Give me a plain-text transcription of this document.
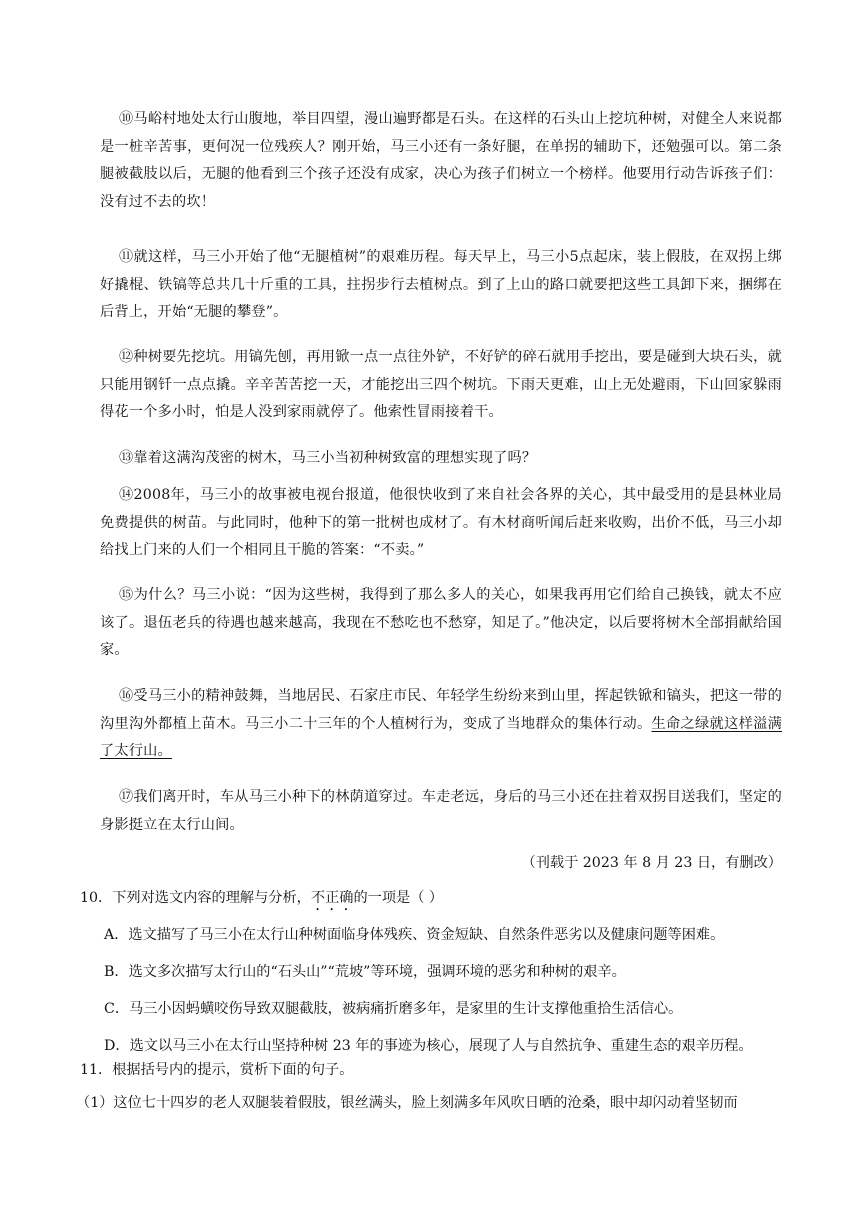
⑩马峪村地处太行山腹地，举目四望，漫山遍野都是石头。在这样的石头山上挖坑种树，对健全人来说都是一桩辛苦事，更何况一位残疾人？刚开始，马三小还有一条好腿，在单拐的辅助下，还勉强可以。第二条腿被截肢以后，无腿的他看到三个孩子还没有成家，决心为孩子们树立一个榜样。他要用行动告诉孩子们：没有过不去的坎！

⑪就这样，马三小开始了他“无腿植树”的艰难历程。每天早上，马三小5点起床，装上假肢，在双拐上绑好撬棍、铁镐等总共几十斤重的工具，拄拐步行去植树点。到了上山的路口就要把这些工具卸下来，捆绑在后背上，开始“无腿的攀登”。

⑫种树要先挖坑。用镐先刨，再用锨一点一点往外铲，不好铲的碎石就用手挖出，要是碰到大块石头，就只能用钢钎一点点撬。辛辛苦苦挖一天，才能挖出三四个树坑。下雨天更难，山上无处避雨，下山回家躲雨得花一个多小时，怕是人没到家雨就停了。他索性冒雨接着干。

⑬靠着这满沟茂密的树木，马三小当初种树致富的理想实现了吗？

⑭2008年，马三小的故事被电视台报道，他很快收到了来自社会各界的关心，其中最受用的是县林业局免费提供的树苗。与此同时，他种下的第一批树也成材了。有木材商听闻后赶来收购，出价不低，马三小却给找上门来的人们一个相同且干脆的答案：“不卖。”

⑮为什么？马三小说：“因为这些树，我得到了那么多人的关心，如果我再用它们给自己换钱，就太不应该了。退伍老兵的待遇也越来越高，我现在不愁吃也不愁穿，知足了。”他决定，以后要将树木全部捐献给国家。

⑯受马三小的精神鼓舞，当地居民、石家庄市民、年轻学生纷纷来到山里，挥起铁锨和镐头，把这一带的沟里沟外都植上苗木。马三小二十三年的个人植树行为，变成了当地群众的集体行动。生命之绿就这样溢满了太行山。

⑰我们离开时，车从马三小种下的林荫道穿过。车走老远，身后的马三小还在拄着双拐目送我们，坚定的身影挺立在太行山间。

（刊载于 2023 年 8 月 23 日，有删改）

10．下列对选文内容的理解与分析，不正确的一项是（ ）

A．选文描写了马三小在太行山种树面临身体残疾、资金短缺、自然条件恶劣以及健康问题等困难。

B．选文多次描写太行山的“石头山”“荒坡”等环境，强调环境的恶劣和种树的艰辛。

C．马三小因蚂蟥咬伤导致双腿截肢，被病痛折磨多年，是家里的生计支撑他重拾生活信心。

D．选文以马三小在太行山坚持种树 23 年的事迹为核心，展现了人与自然抗争、重建生态的艰辛历程。

11．根据括号内的提示，赏析下面的句子。

（1）这位七十四岁的老人双腿装着假肢，银丝满头，脸上刻满多年风吹日晒的沧桑，眼中却闪动着坚韧而
